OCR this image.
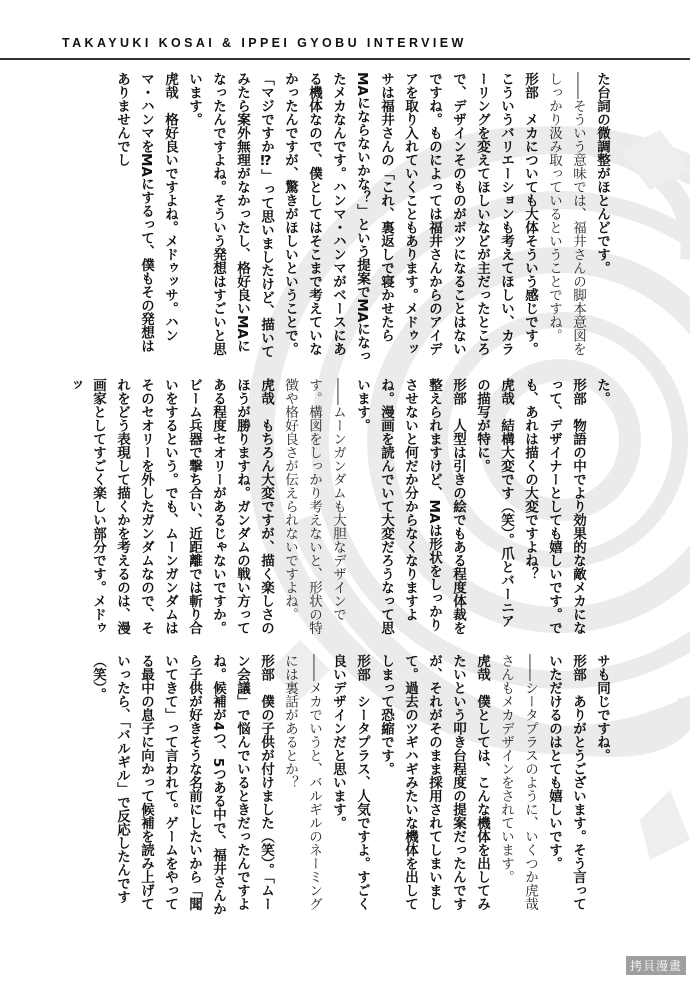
TAKAYUKI KOSAI & IPPEI GYOBU INTERVIEW

た台詞の微調整がほとんどです。

――そういう意味では、福井さんの脚本意図をしっかり汲み取っているということですね。

形部　メカについても大体そういう感じです。こういうバリエーションも考えてほしい、カラーリングを変えてほしいなどが主だったところで、デザインそのものがボツになることはないですね。ものによっては福井さんからのアイデアを取り入れていくこともあります。メドゥッサは福井さんの「これ、裏返しで寝かせたらMAにならないかな？」という提案でMAになったメカなんです。ハンマ・ハンマがベースにある機体なので、僕としてはそこまで考えていなかったんですが、驚きがほしいということで。「マジですか⁉」って思いましたけど、描いてみたら案外無理がなかったし、格好良いMAになったんですよね。そういう発想はすごいと思います。

虎哉　格好良いですよね。メドゥッサ。ハンマ・ハンマをMAにするって、僕もその発想はありませんでし

た。

形部　物語の中でより効果的な敵メカになって、デザイナーとしても嬉しいです。でも、あれは描くの大変ですよね？

虎哉　結構大変です（笑）。爪とバーニアの描写が特に。

形部　人型は引きの絵でもある程度体裁を整えられますけど、MAは形状をしっかりさせないと何だか分からなくなりますよね。漫画を読んでいて大変だろうなって思います。

――ムーンガンダムも大胆なデザインです。構図をしっかり考えないと、形状の特徴や格好良さが伝えられないですよね。

虎哉　もちろん大変ですが、描く楽しさのほうが勝りますね。ガンダムの戦い方ってある程度セオリーがあるじゃないですか。ビーム兵器で撃ち合い、近距離では斬り合いをするという。でも、ムーンガンダムはそのセオリーを外したガンダムなので、それをどう表現して描くかを考えるのは、漫画家としてすごく楽しい部分です。メドゥッ

サも同じですね。

形部　ありがとうございます。そう言っていただけるのはとても嬉しいです。

――シータプラスのように、いくつか虎哉さんもメカデザインをされています。

虎哉　僕としては、こんな機体を出してみたいという叩き台程度の提案だったんですが、それがそのまま採用されてしまいまして。過去のツギハギみたいな機体を出してしまって恐縮です。

形部　シータプラス、人気ですよ。すごく良いデザインだと思います。

――メカでいうと、バルギルのネーミングには裏話があるとか？

形部　僕の子供が付けました（笑）。「ムーン会議」で悩んでいるときだったんですよね。候補が4つ、5つある中で、福井さんから子供が好きそうな名前にしたいから「聞いてきて」って言われて。ゲームをやってる最中の息子に向かって候補を読み上げていったら、「バルギル」で反応したんです

（笑）。

拷貝漫畫
